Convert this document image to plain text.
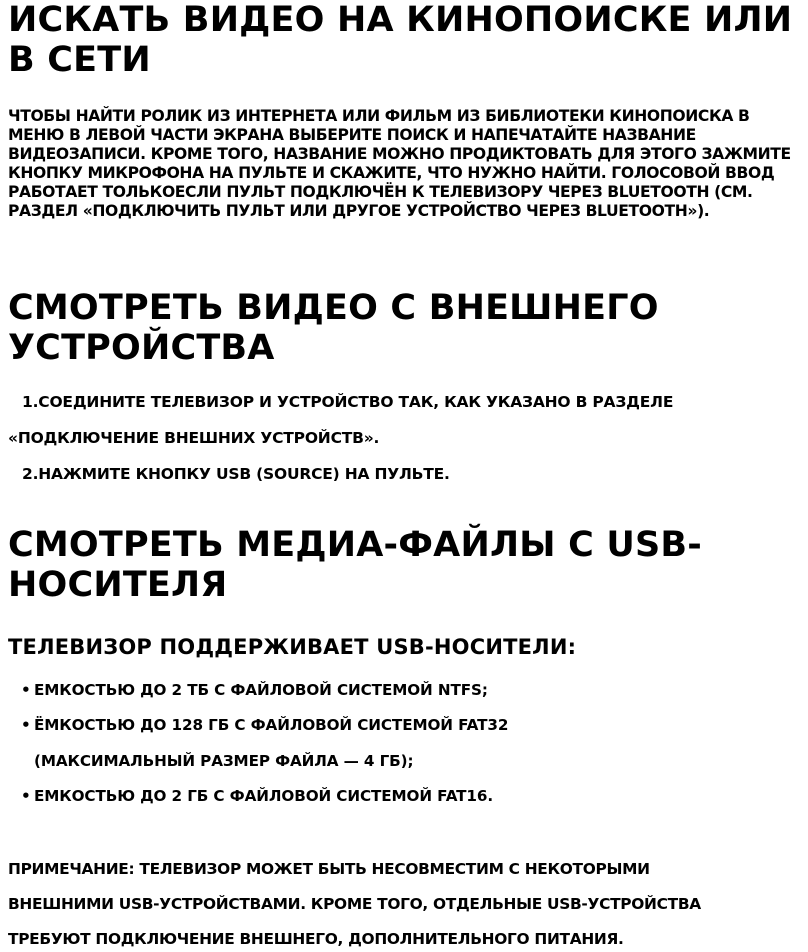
ИСКАТЬ ВИДЕО НА КИНОПОИСКЕ ИЛИ В СЕТИ
ЧТОБЫ НАЙТИ РОЛИК ИЗ ИНТЕРНЕТА ИЛИ ФИЛЬМ ИЗ БИБЛИОТЕКИ КИНОПОИСКА В МЕНЮ В ЛЕВОЙ ЧАСТИ ЭКРАНА ВЫБЕРИТЕ ПОИСК И НАПЕЧАТАЙТЕ НАЗВАНИЕ ВИДЕОЗАПИСИ. КРОМЕ ТОГО, НАЗВАНИЕ МОЖНО ПРОДИКТОВАТЬ ДЛЯ ЭТОГО ЗАЖМИТЕ КНОПКУ МИКРОФОНА НА ПУЛЬТЕ И СКАЖИТЕ, ЧТО НУЖНО НАЙТИ. ГОЛОСОВОЙ ВВОД РАБОТАЕТ ТОЛЬКОЕСЛИ ПУЛЬТ ПОДКЛЮЧЁН К ТЕЛЕВИЗОРУ ЧЕРЕЗ BLUETOOTH (СМ. РАЗДЕЛ «ПОДКЛЮЧИТЬ ПУЛЬТ ИЛИ ДРУГОЕ УСТРОЙСТВО ЧЕРЕЗ BLUETOOTH»).
СМОТРЕТЬ ВИДЕО С ВНЕШНЕГО УСТРОЙСТВА
1.СОЕДИНИТЕ ТЕЛЕВИЗОР И УСТРОЙСТВО ТАК, КАК УКАЗАНО В РАЗДЕЛЕ
«ПОДКЛЮЧЕНИЕ ВНЕШНИХ УСТРОЙСТВ».
2.НАЖМИТЕ КНОПКУ USB (SOURCE) НА ПУЛЬТЕ.
СМОТРЕТЬ МЕДИА-ФАЙЛЫ С USB-НОСИТЕЛЯ
ТЕЛЕВИЗОР ПОДДЕРЖИВАЕТ USB-НОСИТЕЛИ:
• ЕМКОСТЬЮ ДО 2 ТБ С ФАЙЛОВОЙ СИСТЕМОЙ NTFS;
• ЁМКОСТЬЮ ДО 128 ГБ С ФАЙЛОВОЙ СИСТЕМОЙ FAT32
(МАКСИМАЛЬНЫЙ РАЗМЕР ФАЙЛА — 4 ГБ);
• ЕМКОСТЬЮ ДО 2 ГБ С ФАЙЛОВОЙ СИСТЕМОЙ FAT16.
ПРИМЕЧАНИЕ: ТЕЛЕВИЗОР МОЖЕТ БЫТЬ НЕСОВМЕСТИМ С НЕКОТОРЫМИ
ВНЕШНИМИ USB-УСТРОЙСТВАМИ. КРОМЕ ТОГО, ОТДЕЛЬНЫЕ USB-УСТРОЙСТВА
ТРЕБУЮТ ПОДКЛЮЧЕНИЕ ВНЕШНЕГО, ДОПОЛНИТЕЛЬНОГО ПИТАНИЯ.
